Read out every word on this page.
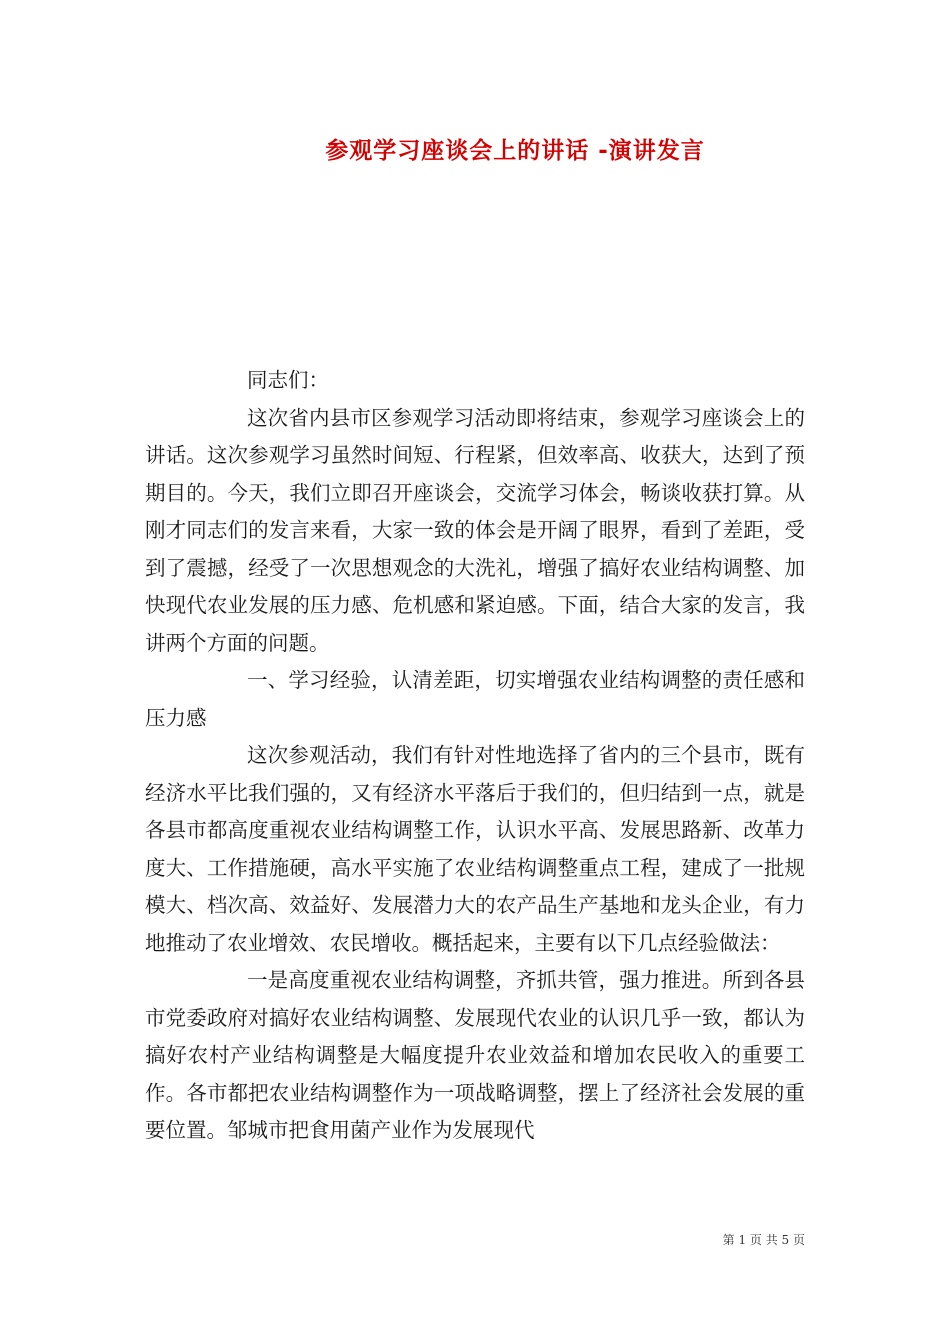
参观学习座谈会上的讲话 -演讲发言

同志们：

这次省内县市区参观学习活动即将结束，参观学习座谈会上的讲话。这次参观学习虽然时间短、行程紧，但效率高、收获大，达到了预期目的。今天，我们立即召开座谈会，交流学习体会，畅谈收获打算。从刚才同志们的发言来看，大家一致的体会是开阔了眼界，看到了差距，受到了震撼，经受了一次思想观念的大洗礼，增强了搞好农业结构调整、加快现代农业发展的压力感、危机感和紧迫感。下面，结合大家的发言，我讲两个方面的问题。

一、学习经验，认清差距，切实增强农业结构调整的责任感和压力感

这次参观活动，我们有针对性地选择了省内的三个县市，既有经济水平比我们强的，又有经济水平落后于我们的，但归结到一点，就是各县市都高度重视农业结构调整工作，认识水平高、发展思路新、改革力度大、工作措施硬，高水平实施了农业结构调整重点工程，建成了一批规模大、档次高、效益好、发展潜力大的农产品生产基地和龙头企业，有力地推动了农业增效、农民增收。概括起来，主要有以下几点经验做法：

一是高度重视农业结构调整，齐抓共管，强力推进。所到各县市党委政府对搞好农业结构调整、发展现代农业的认识几乎一致，都认为搞好农村产业结构调整是大幅度提升农业效益和增加农民收入的重要工作。各市都把农业结构调整作为一项战略调整，摆上了经济社会发展的重要位置。邹城市把食用菌产业作为发展现代

第 1 页 共 5 页
